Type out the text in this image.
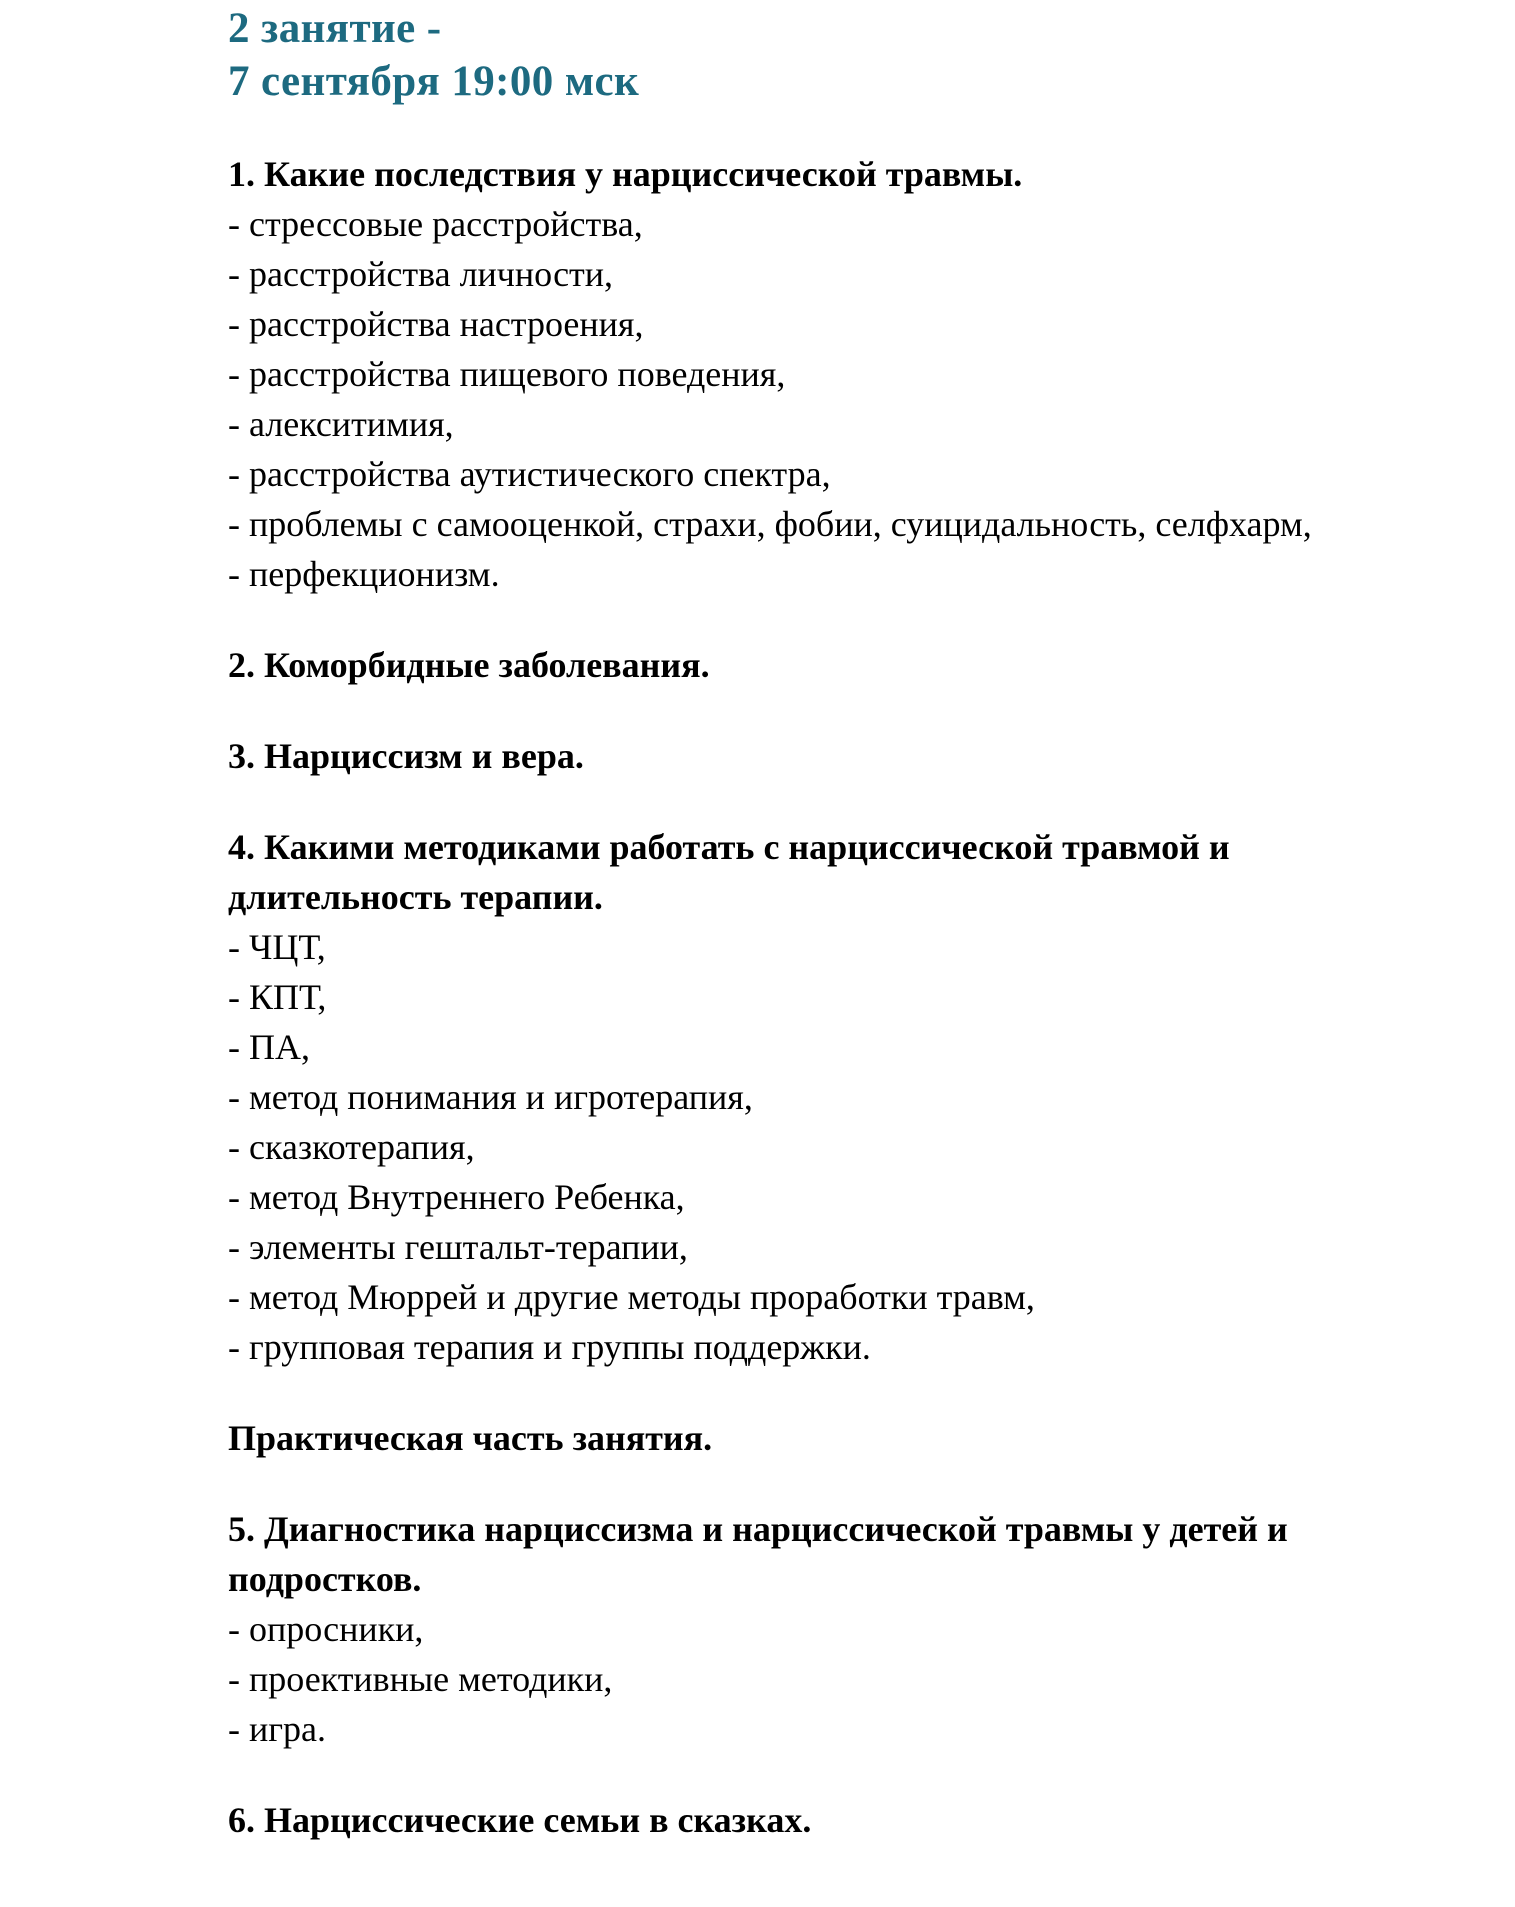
2 занятие -
7 сентября 19:00 мск

1. Какие последствия у нарциссической травмы.

- стрессовые расстройства,

- расстройства личности,

- расстройства настроения,

- расстройства пищевого поведения,

- алекситимия,

- расстройства аутистического спектра,

- проблемы с самооценкой, страхи, фобии, суицидальность, селфхарм,

- перфекционизм.

2. Коморбидные заболевания.

3. Нарциссизм и вера.

4. Какими методиками работать с нарциссической травмой и длительность терапии.

- ЧЦТ,

- КПТ,

- ПА,

- метод понимания и игротерапия,

- сказкотерапия,

- метод Внутреннего Ребенка,

- элементы гештальт-терапии,

- метод Мюррей и другие методы проработки травм,

- групповая терапия и группы поддержки.

Практическая часть занятия.

5. Диагностика нарциссизма и нарциссической травмы у детей и подростков.

- опросники,

- проективные методики,

- игра.

6. Нарциссические семьи в сказках.
